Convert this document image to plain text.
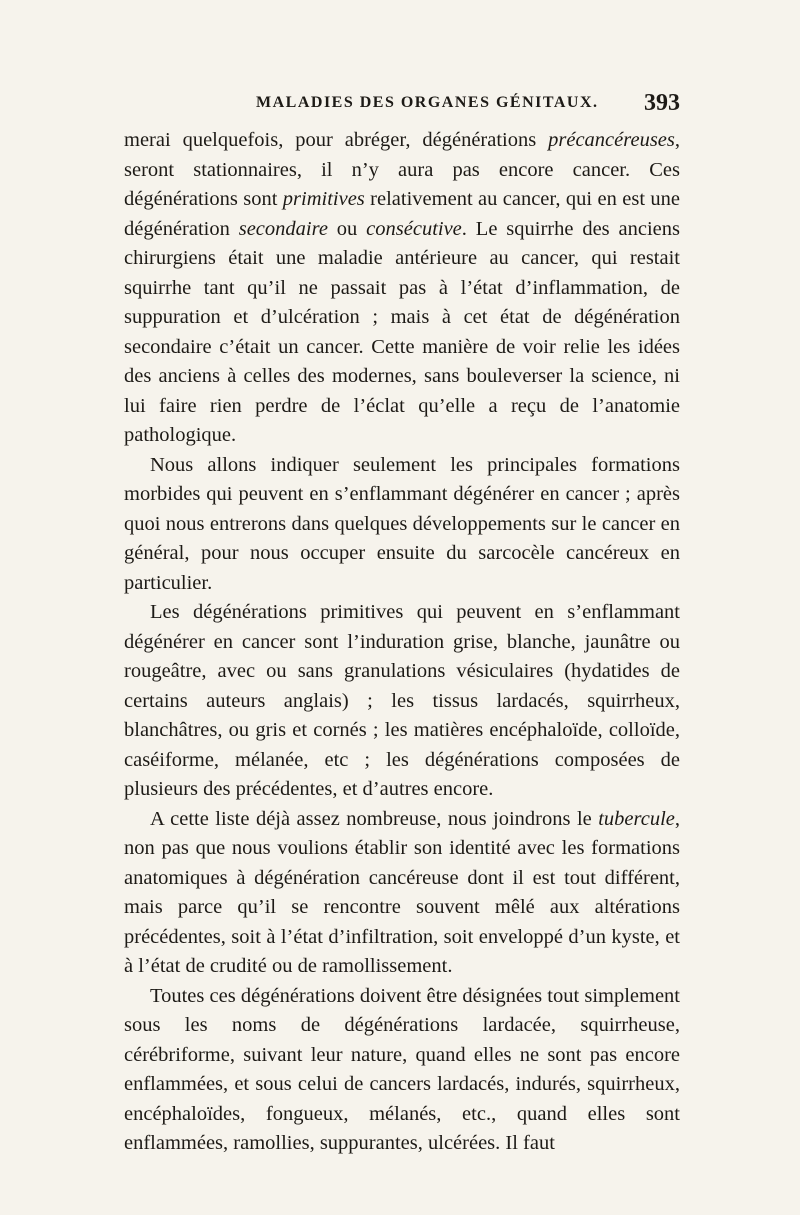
MALADIES DES ORGANES GÉNITAUX. 393

merai quelquefois, pour abréger, dégénérations précancéreuses, seront stationnaires, il n’y aura pas encore cancer. Ces dégénérations sont primitives relativement au cancer, qui en est une dégénération secondaire ou consécutive. Le squirrhe des anciens chirurgiens était une maladie antérieure au cancer, qui restait squirrhe tant qu’il ne passait pas à l’état d’inflammation, de suppuration et d’ulcération ; mais à cet état de dégénération secondaire c’était un cancer. Cette manière de voir relie les idées des anciens à celles des modernes, sans bouleverser la science, ni lui faire rien perdre de l’éclat qu’elle a reçu de l’anatomie pathologique.

Nous allons indiquer seulement les principales formations morbides qui peuvent en s’enflammant dégénérer en cancer ; après quoi nous entrerons dans quelques développements sur le cancer en général, pour nous occuper ensuite du sarcocèle cancéreux en particulier.

Les dégénérations primitives qui peuvent en s’enflammant dégénérer en cancer sont l’induration grise, blanche, jaunâtre ou rougeâtre, avec ou sans granulations vésiculaires (hydatides de certains auteurs anglais) ; les tissus lardacés, squirrheux, blanchâtres, ou gris et cornés ; les matières encéphaloïde, colloïde, caséiforme, mélanée, etc ; les dégénérations composées de plusieurs des précédentes, et d’autres encore.

A cette liste déjà assez nombreuse, nous joindrons le tubercule, non pas que nous voulions établir son identité avec les formations anatomiques à dégénération cancéreuse dont il est tout différent, mais parce qu’il se rencontre souvent mêlé aux altérations précédentes, soit à l’état d’infiltration, soit enveloppé d’un kyste, et à l’état de crudité ou de ramollissement.

Toutes ces dégénérations doivent être désignées tout simplement sous les noms de dégénérations lardacée, squirrheuse, cérébriforme, suivant leur nature, quand elles ne sont pas encore enflammées, et sous celui de cancers lardacés, indurés, squirrheux, encéphaloïdes, fongueux, mélanés, etc., quand elles sont enflammées, ramollies, suppurantes, ulcérées. Il faut
